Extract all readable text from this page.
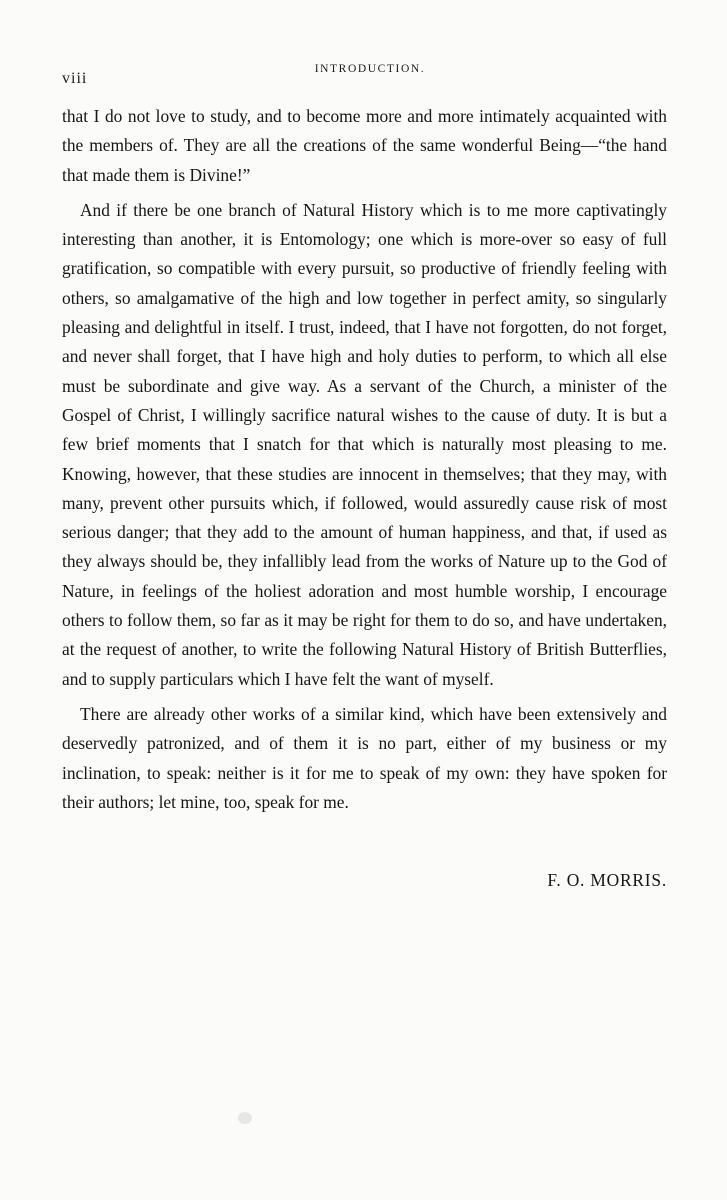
viii
INTRODUCTION.

that I do not love to study, and to become more and more intimately acquainted with the members of. They are all the creations of the same wonderful Being—“the hand that made them is Divine!”

And if there be one branch of Natural History which is to me more captivatingly interesting than another, it is Entomology; one which is more-over so easy of full gratification, so compatible with every pursuit, so productive of friendly feeling with others, so amalgamative of the high and low together in perfect amity, so singularly pleasing and delightful in itself. I trust, indeed, that I have not forgotten, do not forget, and never shall forget, that I have high and holy duties to perform, to which all else must be subordinate and give way. As a servant of the Church, a minister of the Gospel of Christ, I willingly sacrifice natural wishes to the cause of duty. It is but a few brief moments that I snatch for that which is naturally most pleasing to me. Knowing, however, that these studies are innocent in themselves; that they may, with many, prevent other pursuits which, if followed, would assuredly cause risk of most serious danger; that they add to the amount of human happiness, and that, if used as they always should be, they infallibly lead from the works of Nature up to the God of Nature, in feelings of the holiest adoration and most humble worship, I encourage others to follow them, so far as it may be right for them to do so, and have undertaken, at the request of another, to write the following Natural History of British Butterflies, and to supply particulars which I have felt the want of myself.

There are already other works of a similar kind, which have been extensively and deservedly patronized, and of them it is no part, either of my business or my inclination, to speak: neither is it for me to speak of my own: they have spoken for their authors; let mine, too, speak for me.

F. O. MORRIS.
